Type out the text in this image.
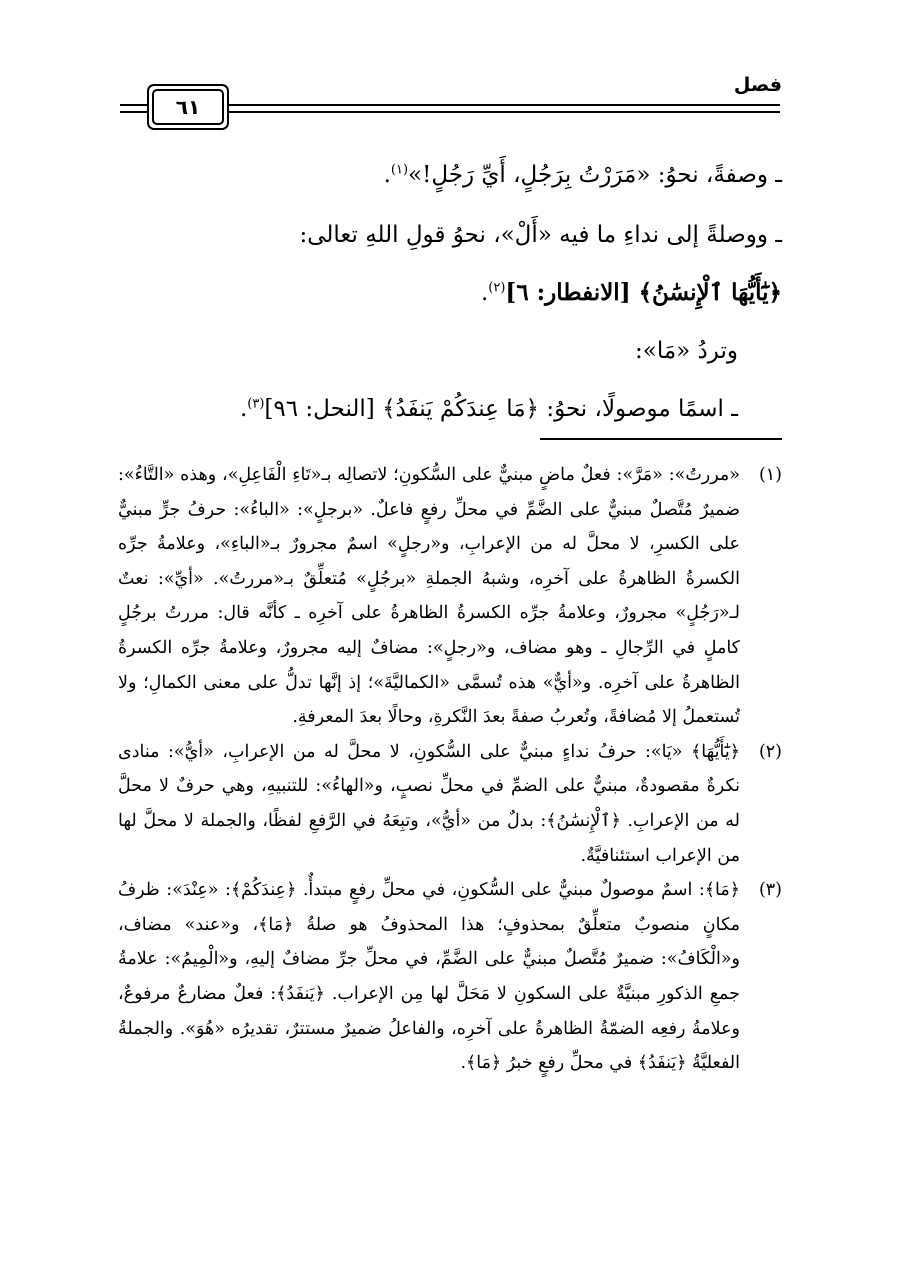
فصل
٦١

ـ وصفةً، نحوُ: «مَرَرْتُ بِرَجُلٍ، أَيِّ رَجُلٍ!»$^{(١)}$.

ـ ووصلةً إلى نداءِ ما فيه «أَلْ»، نحوُ قولِ اللهِ تعالى:

﴿يَٰٓأَيُّهَا ٱلْإِنسَٰنُ﴾ [الانفطار: ٦]$^{(٢)}$.

وتردُ «مَا»:

ـ اسمًا موصولًا، نحوُ: ﴿مَا عِندَكُمْ يَنفَدُ﴾ [النحل: ٩٦]$^{(٣)}$.

(١)
«مررتُ»: «مَرَّ»: فعلٌ ماضٍ مبنيٌّ على السُّكونِ؛ لاتصالِه بـ«تَاءِ الْفَاعِلِ»، وهذه «التَّاءُ»: ضميرٌ مُتَّصلٌ مبنيٌّ على الضَّمِّ في محلِّ رفعٍ فاعلٌ. «برجلٍ»: «الباءُ»: حرفُ جرٍّ مبنيٌّ على الكسرِ، لا محلَّ له من الإعرابِ، و«رجلٍ» اسمٌ مجرورٌ بـ«الباءِ»، وعلامةُ جرِّه الكسرةُ الظاهرةُ على آخرِه، وشبهُ الجملةِ «برجُلٍ» مُتعلِّقٌ بـ«مررتُ». «أيِّ»: نعتٌ لـ«رَجُلٍ» مجرورٌ، وعلامةُ جرِّه الكسرةُ الظاهرةُ على آخرِه ـ كأنَّه قال: مررتُ برجُلٍ كاملٍ في الرِّجالِ ـ وهو مضاف، و«رجلٍ»: مضافٌ إليه مجرورٌ، وعلامةُ جرِّه الكسرةُ الظاهرةُ على آخرِه. و«أيٌّ» هذه تُسمَّى «الكماليَّةَ»؛ إذ إنَّها تدلُّ على معنى الكمالِ؛ ولا تُستعملُ إلا مُضافةً، وتُعربُ صفةً بعدَ النَّكرةِ، وحالًا بعدَ المعرفةِ.
(٢)
﴿يَٰٓأَيُّهَا﴾ «يَا»: حرفُ نداءٍ مبنيٌّ على السُّكونِ، لا محلَّ له من الإعرابِ، «أيُّ»: منادى نكرةٌ مقصودةٌ، مبنيٌّ على الضمِّ في محلِّ نصبٍ، و«الهاءُ»: للتنبيهِ، وهي حرفٌ لا محلَّ له من الإعرابِ. ﴿ٱلْإِنسَٰنُ﴾: بدلٌ من «أيُّ»، وتبِعَهُ في الرَّفعِ لفظًا، والجملة لا محلَّ لها من الإعراب استئنافيَّةٌ.
(٣)
﴿مَا﴾: اسمٌ موصولٌ مبنيٌّ على السُّكونِ، في محلِّ رفعٍ مبتدأٌ. ﴿عِندَكُمْ﴾: «عِنْدَ»: ظرفُ مكانٍ منصوبٌ متعلِّقٌ بمحذوفٍ؛ هذا المحذوفُ هو صلةُ ﴿مَا﴾، و«عند» مضاف، و«الْكَافُ»: ضميرٌ مُتَّصلٌ مبنيٌّ على الضَّمِّ، في محلِّ جرِّ مضافٌ إليهِ، و«الْمِيمُ»: علامةُ جمعِ الذكورِ مبنيَّةٌ على السكونِ لا مَحَلَّ لها مِن الإعراب. ﴿يَنفَدُ﴾: فعلٌ مضارعٌ مرفوعٌ، وعلامةُ رفعِه الضمّةُ الظاهرةُ على آخرِه، والفاعلُ ضميرٌ مستترٌ، تقديرُه «هُوَ». والجملةُ الفعليَّةُ ﴿يَنفَدُ﴾ في محلِّ رفعٍ خبرُ ﴿مَا﴾.
